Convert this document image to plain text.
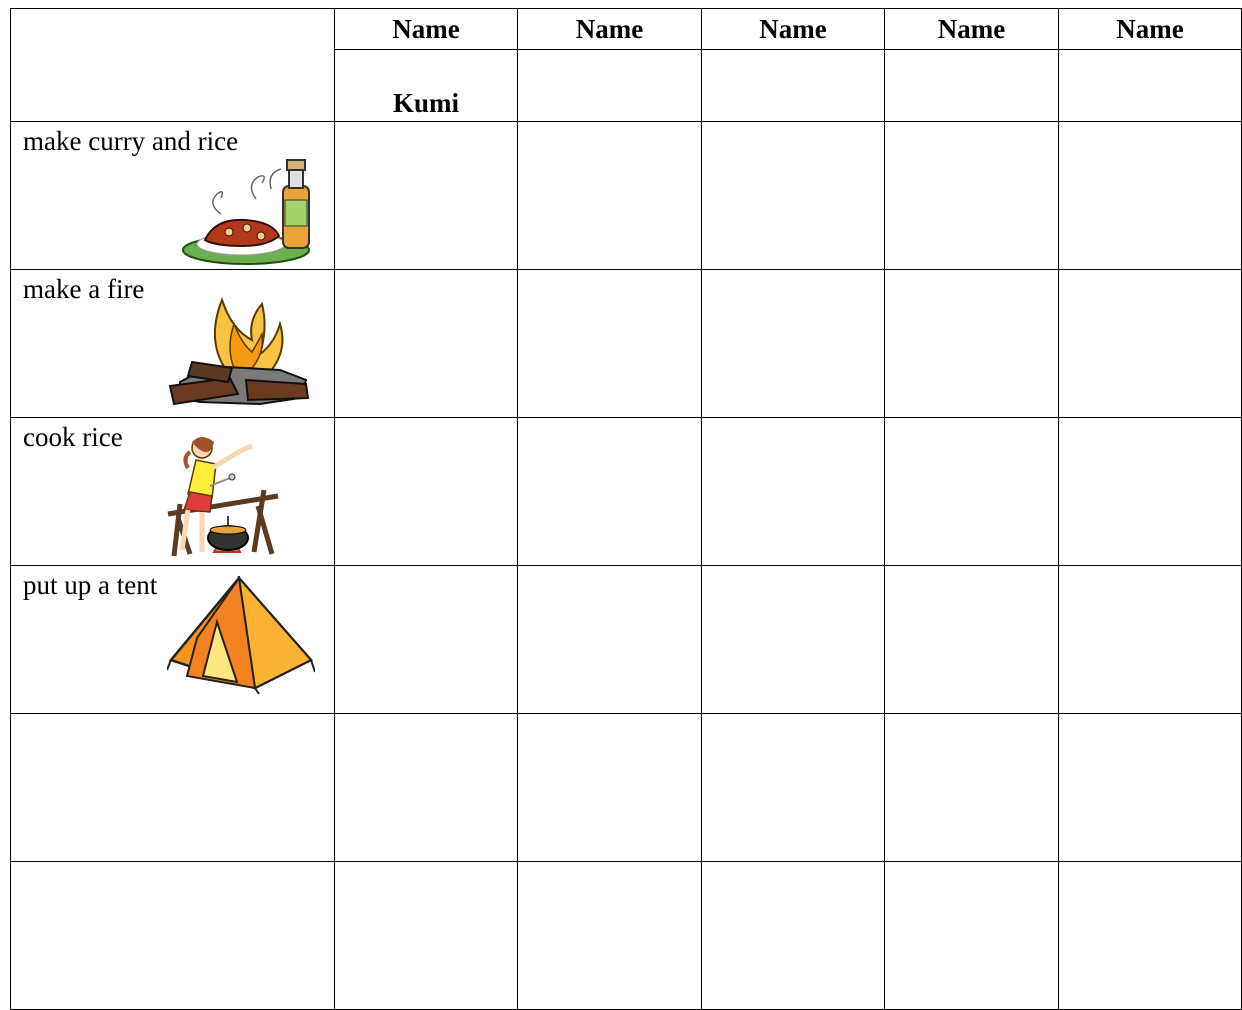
	Name	Name	Name	Name	Name

	Kumi				

make curry and rice					

make a fire					

cook rice					

put up a tent					
